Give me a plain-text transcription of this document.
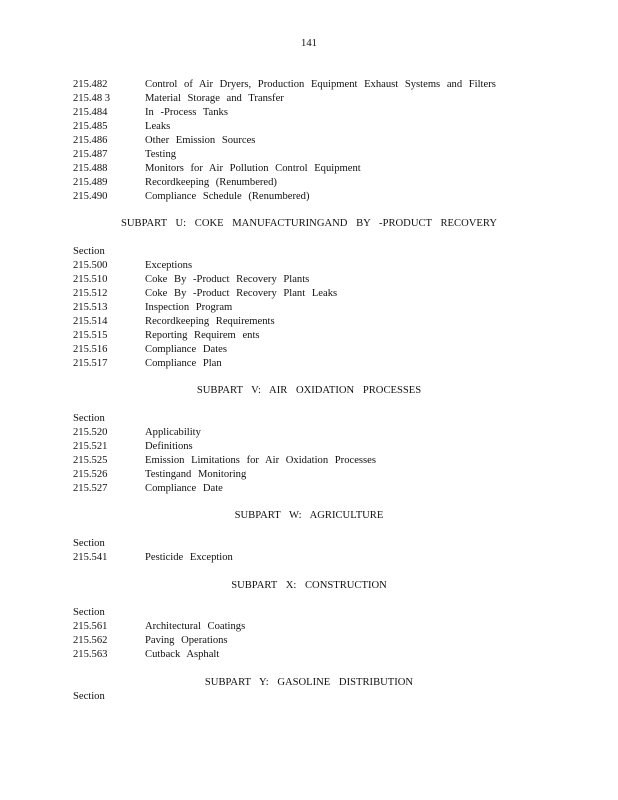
141
215.482	Control of Air Dryers, Production Equipment Exhaust Systems and Filters
215.48 3	Material Storage and Transfer
215.484	In -Process Tanks
215.485	Leaks
215.486	Other Emission Sources
215.487	Testing
215.488	Monitors for Air Pollution Control Equipment
215.489	Recordkeeping (Renumbered)
215.490	Compliance Schedule (Renumbered)
SUBPART U: COKE MANUFACTURINGAND BY -PRODUCT RECOVERY
Section
215.500	Exceptions
215.510	Coke By -Product Recovery Plants
215.512	Coke By -Product Recovery Plant Leaks
215.513	Inspection Program
215.514	Recordkeeping Requirements
215.515	Reporting Requirem ents
215.516	Compliance Dates
215.517	Compliance Plan
SUBPART V: AIR OXIDATION PROCESSES
Section
215.520	Applicability
215.521	Definitions
215.525	Emission Limitations for Air Oxidation Processes
215.526	Testingand Monitoring
215.527	Compliance Date
SUBPART W: AGRICULTURE
Section
215.541	Pesticide Exception
SUBPART X: CONSTRUCTION
Section
215.561	Architectural Coatings
215.562	Paving Operations
215.563	Cutback Asphalt
SUBPART Y: GASOLINE DISTRIBUTION
Section
